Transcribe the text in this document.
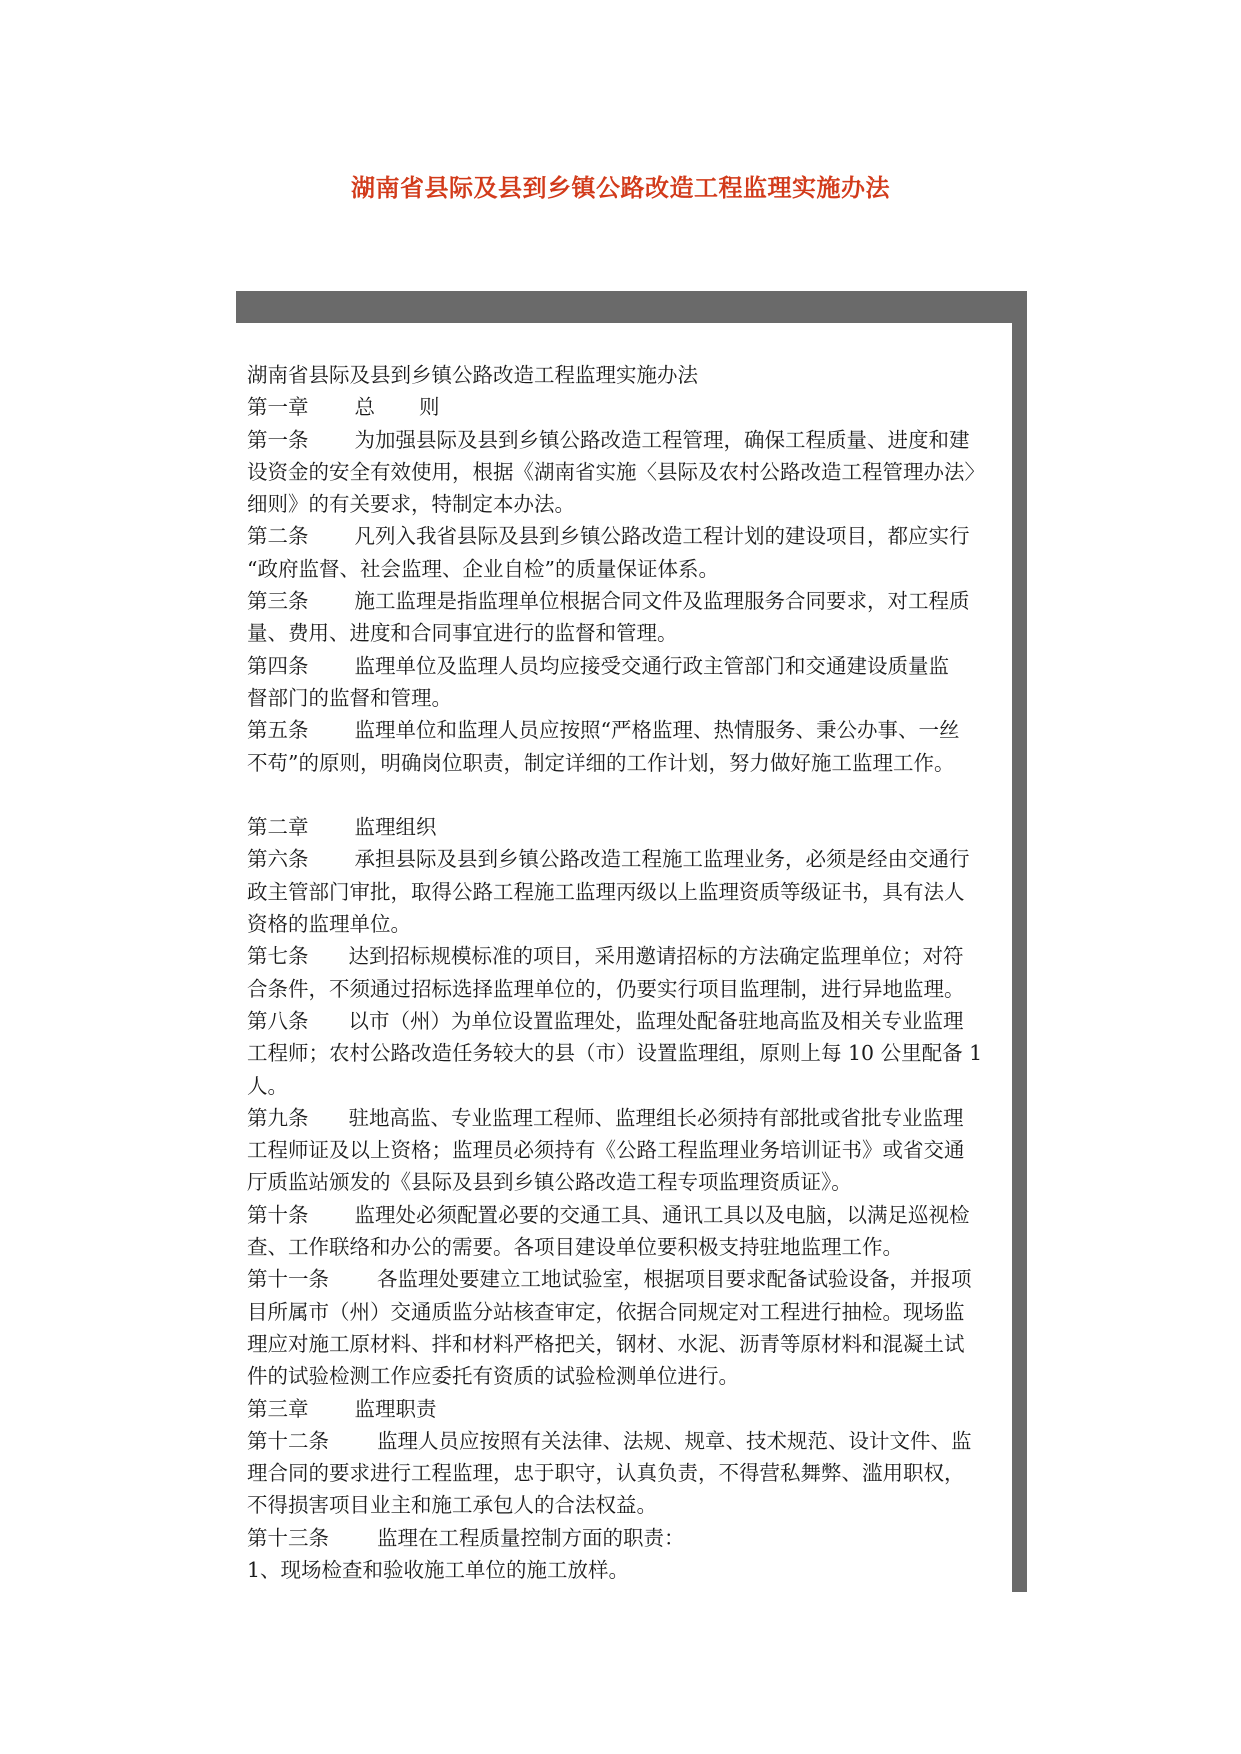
湖南省县际及县到乡镇公路改造工程监理实施办法

湖南省县际及县到乡镇公路改造工程监理实施办法

第一章 总 则

第一条 为加强县际及县到乡镇公路改造工程管理，确保工程质量、进度和建

设资金的安全有效使用，根据《湖南省实施〈县际及农村公路改造工程管理办法〉

细则》的有关要求，特制定本办法。

第二条 凡列入我省县际及县到乡镇公路改造工程计划的建设项目，都应实行

“政府监督、社会监理、企业自检”的质量保证体系。

第三条 施工监理是指监理单位根据合同文件及监理服务合同要求，对工程质

量、费用、进度和合同事宜进行的监督和管理。

第四条 监理单位及监理人员均应接受交通行政主管部门和交通建设质量监

督部门的监督和管理。

第五条 监理单位和监理人员应按照“严格监理、热情服务、秉公办事、一丝

不苟”的原则，明确岗位职责，制定详细的工作计划，努力做好施工监理工作。

第二章 监理组织

第六条 承担县际及县到乡镇公路改造工程施工监理业务，必须是经由交通行

政主管部门审批，取得公路工程施工监理丙级以上监理资质等级证书，具有法人

资格的监理单位。

第七条 达到招标规模标准的项目，采用邀请招标的方法确定监理单位；对符

合条件，不须通过招标选择监理单位的，仍要实行项目监理制，进行异地监理。

第八条 以市（州）为单位设置监理处，监理处配备驻地高监及相关专业监理

工程师；农村公路改造任务较大的县（市）设置监理组，原则上每 10 公里配备 1

人。

第九条 驻地高监、专业监理工程师、监理组长必须持有部批或省批专业监理

工程师证及以上资格；监理员必须持有《公路工程监理业务培训证书》或省交通

厅质监站颁发的《县际及县到乡镇公路改造工程专项监理资质证》。

第十条 监理处必须配置必要的交通工具、通讯工具以及电脑，以满足巡视检

查、工作联络和办公的需要。各项目建设单位要积极支持驻地监理工作。

第十一条 各监理处要建立工地试验室，根据项目要求配备试验设备，并报项

目所属市（州）交通质监分站核查审定，依据合同规定对工程进行抽检。现场监

理应对施工原材料、拌和材料严格把关，钢材、水泥、沥青等原材料和混凝土试

件的试验检测工作应委托有资质的试验检测单位进行。

第三章 监理职责

第十二条 监理人员应按照有关法律、法规、规章、技术规范、设计文件、监

理合同的要求进行工程监理，忠于职守，认真负责，不得营私舞弊、滥用职权，

不得损害项目业主和施工承包人的合法权益。

第十三条 监理在工程质量控制方面的职责：

1、现场检查和验收施工单位的施工放样。
